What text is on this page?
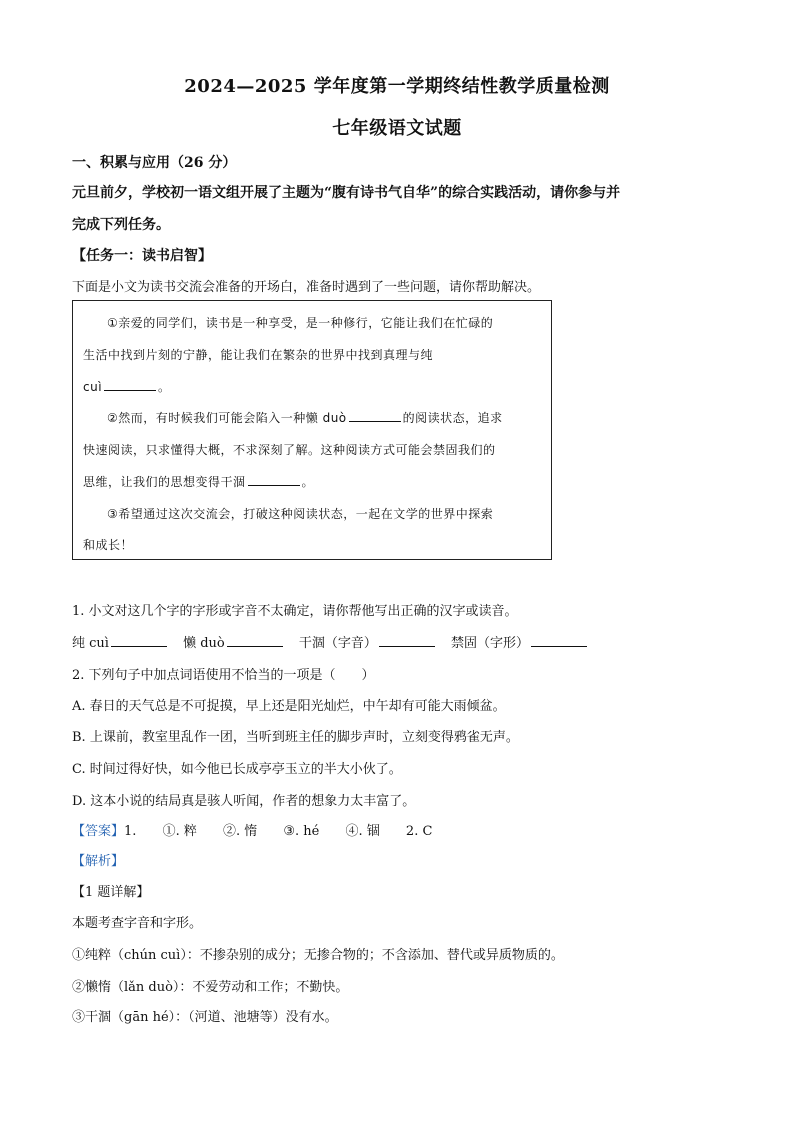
2024—2025 学年度第一学期终结性教学质量检测
七年级语文试题
一、积累与应用（26 分）
元旦前夕，学校初一语文组开展了主题为“腹有诗书气自华”的综合实践活动，请你参与并
完成下列任务。
【任务一：读书启智】
下面是小文为读书交流会准备的开场白，准备时遇到了一些问题，请你帮助解决。
①亲爱的同学们，读书是一种享受，是一种修行，它能让我们在忙碌的
生活中找到片刻的宁静，能让我们在繁杂的世界中找到真理与纯
cuì	。
②然而，有时候我们可能会陷入一种懒 duò	的阅读状态，追求
快速阅读，只求懂得大概，不求深刻了解。这种阅读方式可能会禁固我们的
思维，让我们的思想变得干涸	。
③希望通过这次交流会，打破这种阅读状态，一起在文学的世界中探索
和成长！
1. 小文对这几个字的字形或字音不太确定，请你帮他写出正确的汉字或读音。
纯 cuì	懒 duò	干涸（字音）	禁固（字形）
2. 下列句子中加点词语使用不恰当的一项是（　　）
A. 春日的天气总是不可捉摸，早上还是阳光灿烂，中午却有可能大雨倾盆。
B. 上课前，教室里乱作一团，当听到班主任的脚步声时，立刻变得鸦雀无声。
C. 时间过得好快，如今他已长成亭亭玉立的半大小伙了。
D. 这本小说的结局真是骇人听闻，作者的想象力太丰富了。
【答案】1. ①. 粹 ②. 惰 ③. hé ④. 锢 2. C
【解析】
【1 题详解】
本题考查字音和字形。
①纯粹（chún cuì）：不掺杂别的成分；无掺合物的；不含添加、替代或异质物质的。
②懒惰（lǎn duò）：不爱劳动和工作；不勤快。
③干涸（gān hé）：（河道、池塘等）没有水。
